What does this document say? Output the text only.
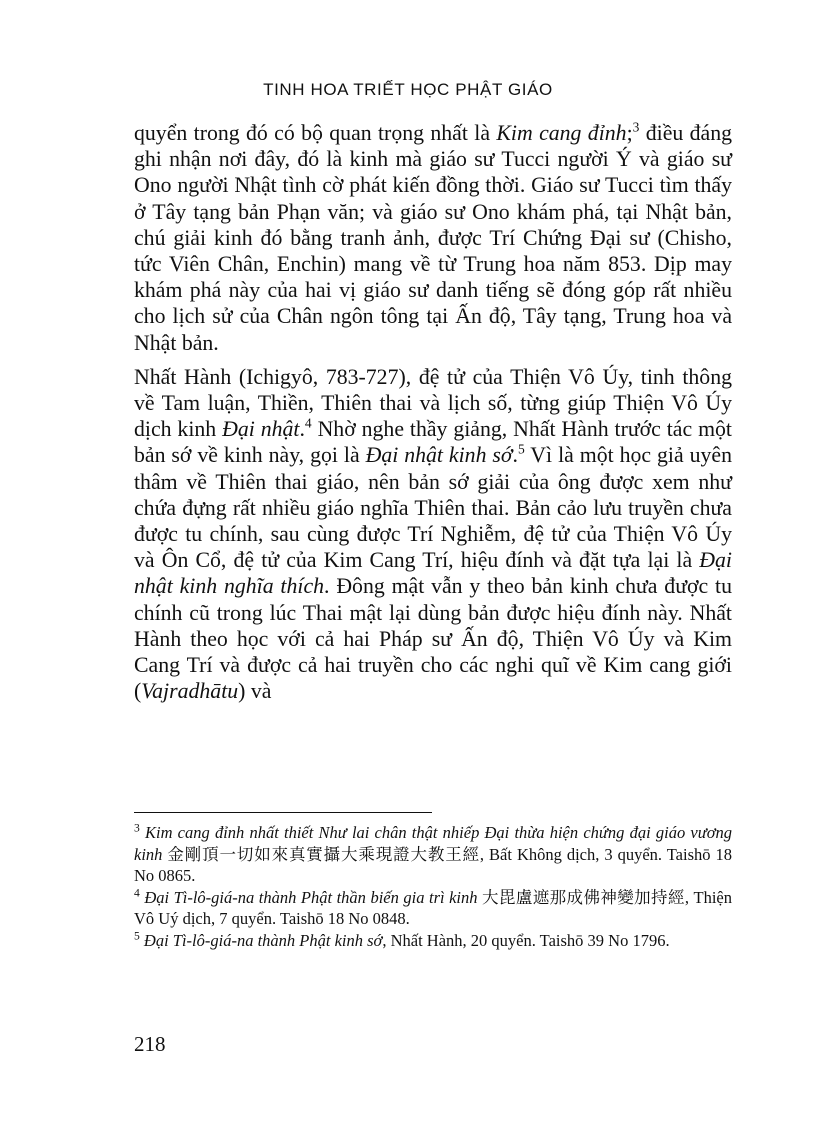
TINH HOA TRIẾT HỌC PHẬT GIÁO

quyển trong đó có bộ quan trọng nhất là Kim cang đỉnh;$^3$ điều đáng ghi nhận nơi đây, đó là kinh mà giáo sư Tucci người Ý và giáo sư Ono người Nhật tình cờ phát kiến đồng thời. Giáo sư Tucci tìm thấy ở Tây tạng bản Phạn văn; và giáo sư Ono khám phá, tại Nhật bản, chú giải kinh đó bằng tranh ảnh, được Trí Chứng Đại sư (Chisho, tức Viên Chân, Enchin) mang về từ Trung hoa năm 853. Dịp may khám phá này của hai vị giáo sư danh tiếng sẽ đóng góp rất nhiều cho lịch sử của Chân ngôn tông tại Ấn độ, Tây tạng, Trung hoa và Nhật bản.

Nhất Hành (Ichigyô, 783-727), đệ tử của Thiện Vô Úy, tinh thông về Tam luận, Thiền, Thiên thai và lịch số, từng giúp Thiện Vô Úy dịch kinh Đại nhật.$^4$ Nhờ nghe thầy giảng, Nhất Hành trước tác một bản sớ về kinh này, gọi là Đại nhật kinh sớ.$^5$ Vì là một học giả uyên thâm về Thiên thai giáo, nên bản sớ giải của ông được xem như chứa đựng rất nhiều giáo nghĩa Thiên thai. Bản cảo lưu truyền chưa được tu chính, sau cùng được Trí Nghiễm, đệ tử của Thiện Vô Úy và Ôn Cổ, đệ tử của Kim Cang Trí, hiệu đính và đặt tựa lại là Đại nhật kinh nghĩa thích. Đông mật vẫn y theo bản kinh chưa được tu chính cũ trong lúc Thai mật lại dùng bản được hiệu đính này. Nhất Hành theo học với cả hai Pháp sư Ấn độ, Thiện Vô Úy và Kim Cang Trí và được cả hai truyền cho các nghi quĩ về Kim cang giới (Vajradhātu) và

$^3$ Kim cang đỉnh nhất thiết Như lai chân thật nhiếp Đại thừa hiện chứng đại giáo vương kinh 金剛頂一切如來真實攝大乘現證大教王經, Bất Không dịch, 3 quyển. Taishō 18 No 0865.

$^4$ Đại Tì-lô-giá-na thành Phật thần biến gia trì kinh 大毘盧遮那成佛神變加持經, Thiện Vô Uý dịch, 7 quyển. Taishō 18 No 0848.

$^5$ Đại Tì-lô-giá-na thành Phật kinh sớ, Nhất Hành, 20 quyển. Taishō 39 No 1796.

218
